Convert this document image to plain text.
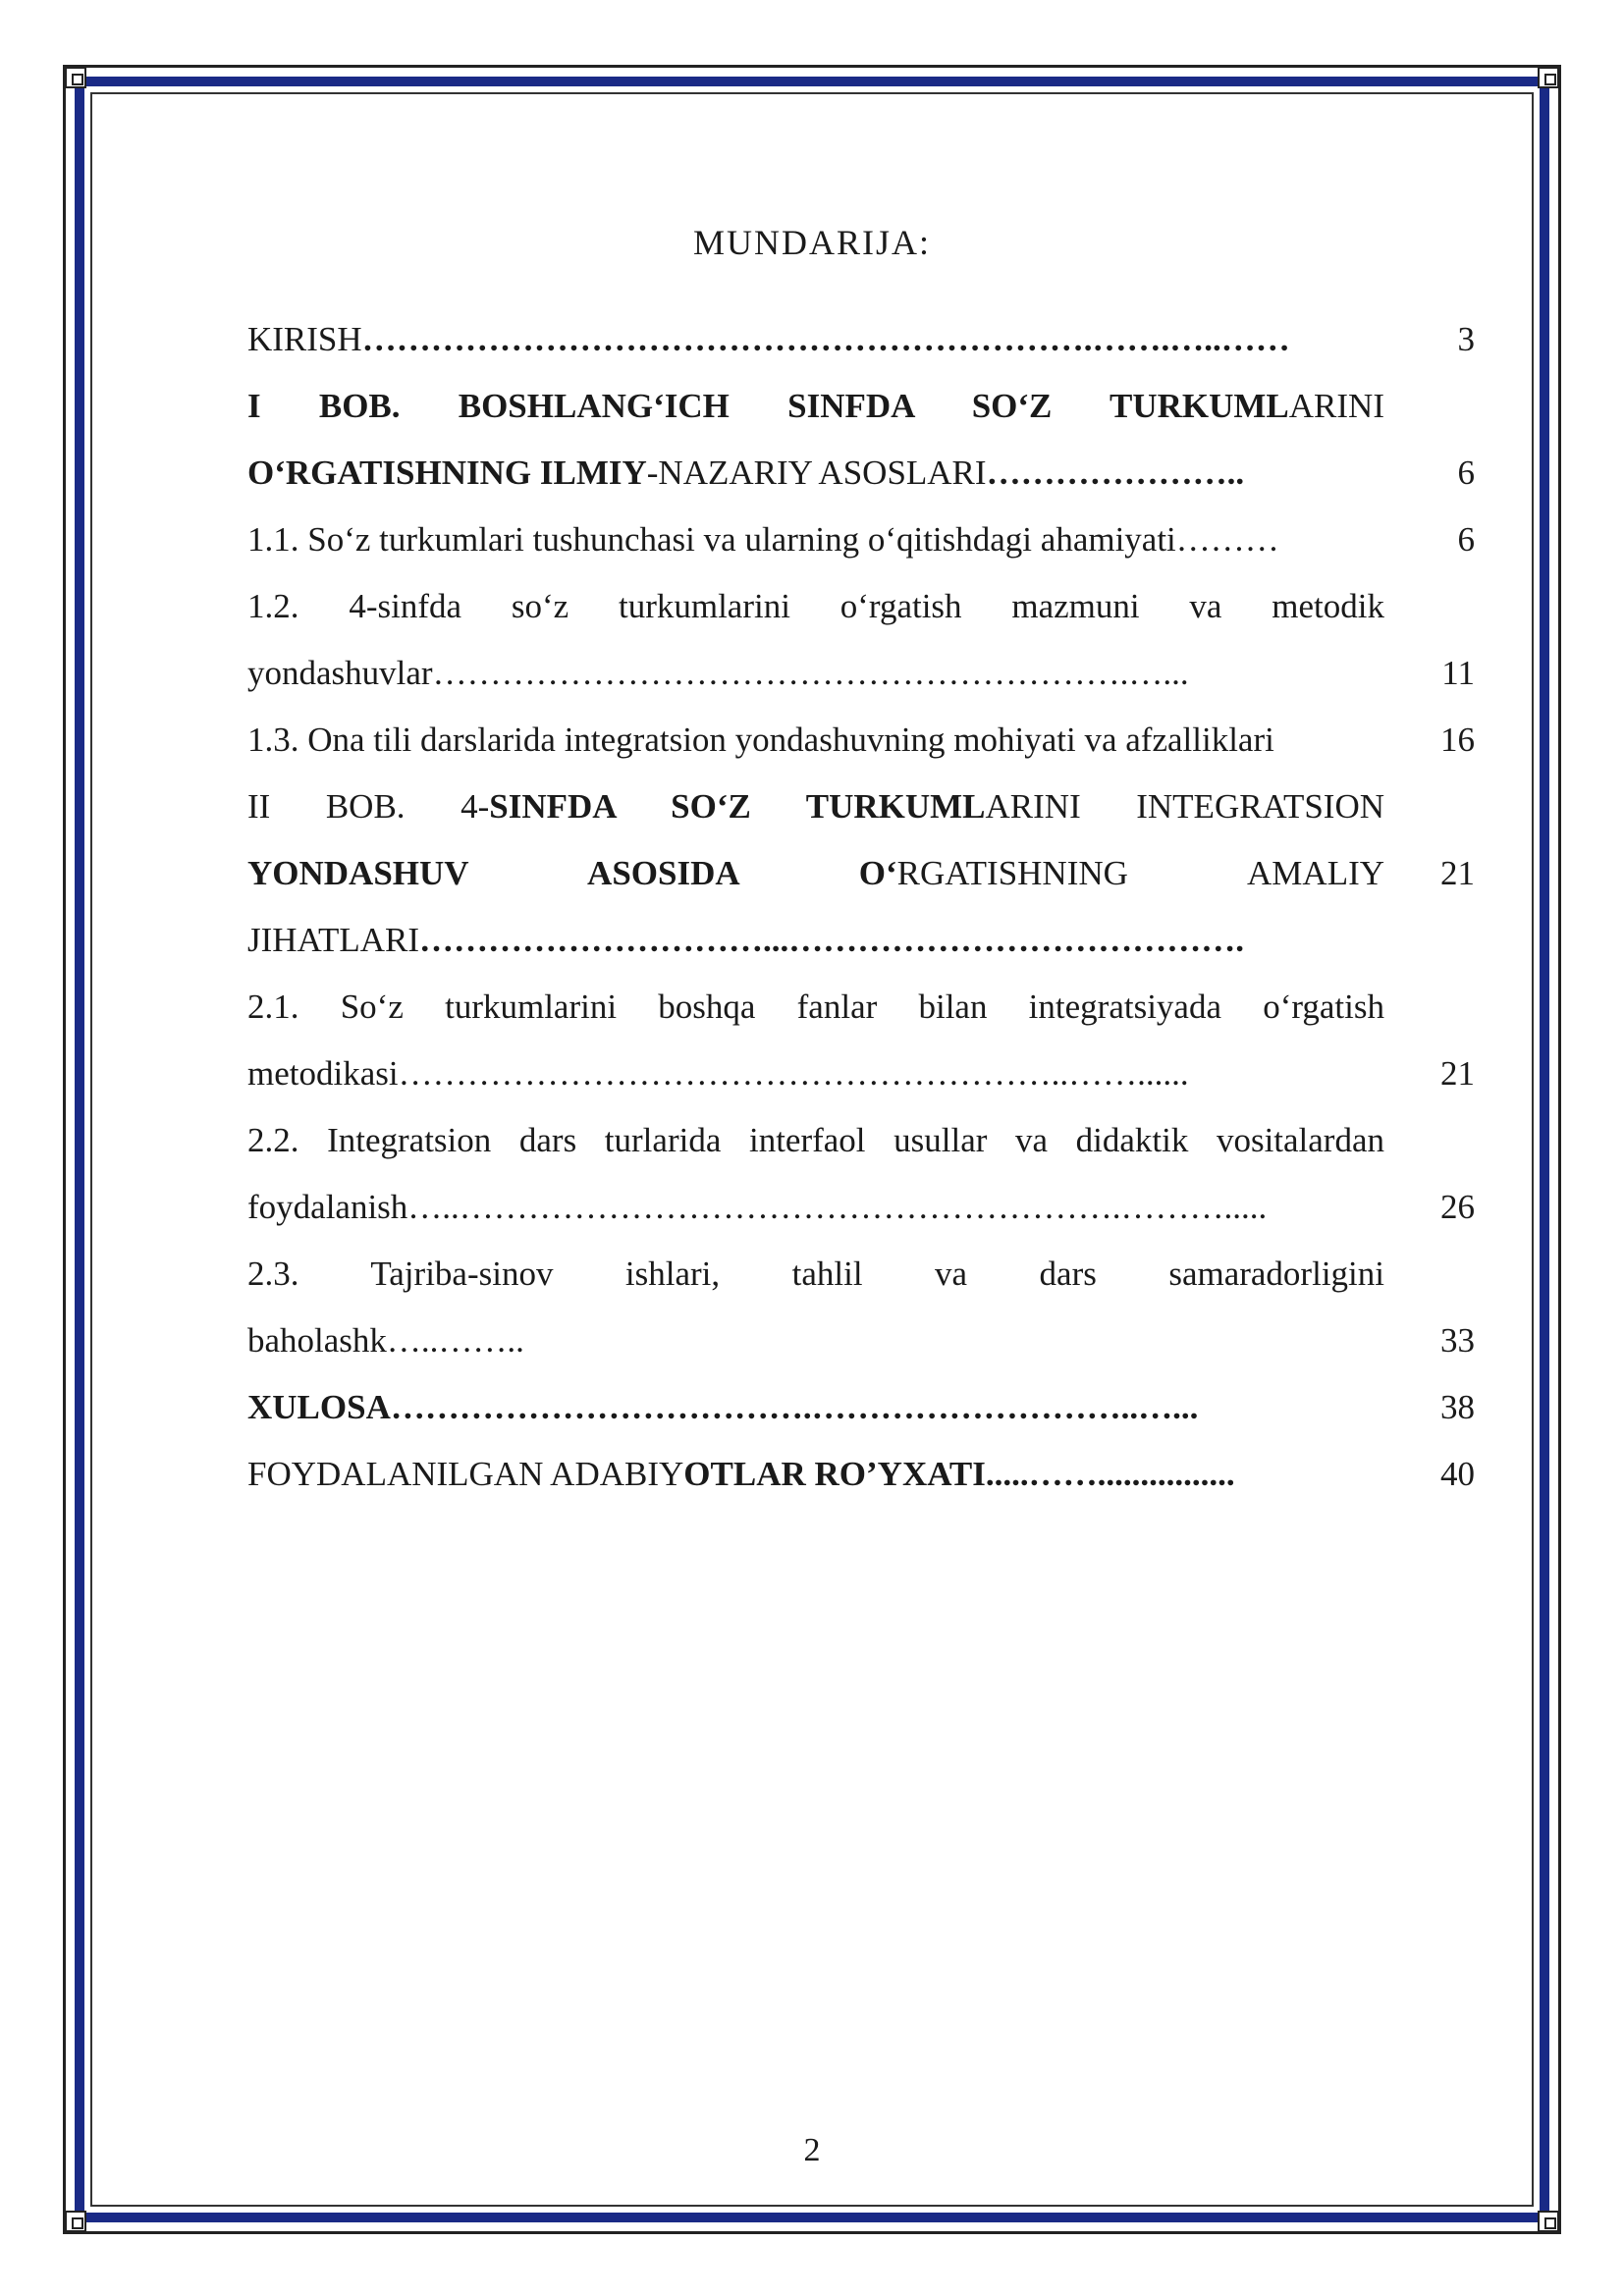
MUNDARIJA:
KIRISH……………………………………………………….…….…..……	3
I BOB. BOSHLANG‘ICH SINFDA SO‘Z TURKUMLARINI
O‘RGATISHNING ILMIY-NAZARIY ASOSLARI…………………..	6
1.1. So‘z turkumlari tushunchasi va ularning o‘qitishdagi ahamiyati………	6
1.2. 4-sinfda so‘z turkumlarini o‘rgatish mazmuni va metodik
yondashuvlar…………………………………………………….…...	11
1.3. Ona tili darslarida integratsion yondashuvning mohiyati va afzalliklari	16
II BOB. 4-SINFDA SO‘Z TURKUMLARINI INTEGRATSION
YONDASHUV ASOSIDA O‘RGATISHNING AMALIY	21
JIHATLARI…………………………...………………………………….
2.1. So‘z turkumlarini boshqa fanlar bilan integratsiyada o‘rgatish
metodikasi…………………………………………………..……......	21
2.2. Integratsion dars turlarida interfaol usullar va didaktik vositalardan
foydalanish…..………………………………………………….……….....	26
2.3. Tajriba-sinov ishlari, tahlil va dars samaradorligini
baholashk…..……..	33
XULOSA……………………………….………………………..…...	38
FOYDALANILGAN ADABIYOTLAR RO’YXATI.....……................	40
2
